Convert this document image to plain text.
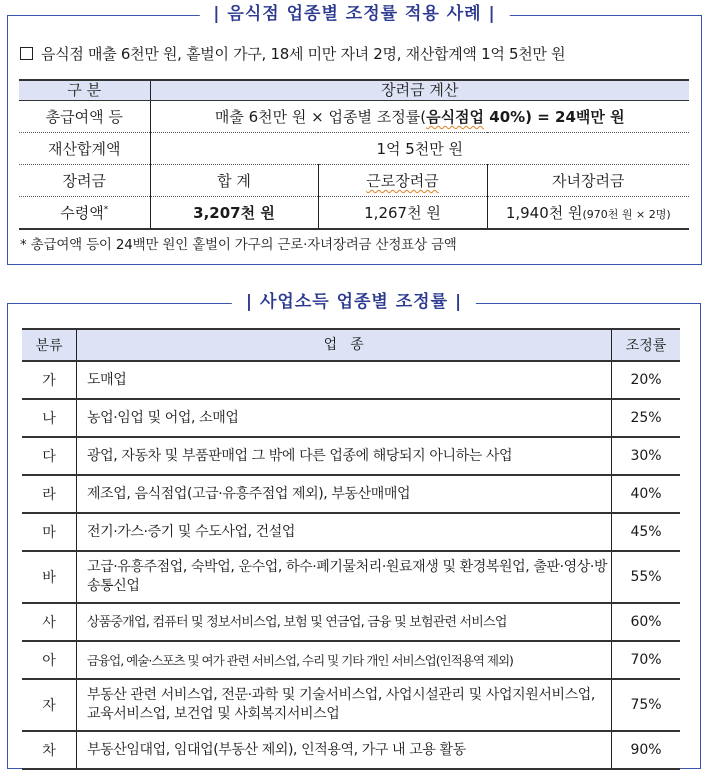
| 음식점 업종별 조정률 적용 사례 |
음식점 매출 6천만 원, 홑벌이 가구, 18세 미만 자녀 2명, 재산합계액 1억 5천만 원
구 분	장려금 계산		
총급여액 등	매출 6천만 원 × 업종별 조정률(음식점업 40%) = 24백만 원		
재산합계액	1억 5천만 원		
장려금	합 계	근로장려금	자녀장려금
수령액*	3,207천 원	1,267천 원	1,940천 원(970천 원 × 2명)
* 총급여액 등이 24백만 원인 홑벌이 가구의 근로·자녀장려금 산정표상 금액
| 사업소득 업종별 조정률 |
분류	업　종	조정률
가	도매업	20%
나	농업·임업 및 어업, 소매업	25%
다	광업, 자동차 및 부품판매업 그 밖에 다른 업종에 해당되지 아니하는 사업	30%
라	제조업, 음식점업(고급·유흥주점업 제외), 부동산매매업	40%
마	전기·가스·증기 및 수도사업, 건설업	45%
바	고급·유흥주점업, 숙박업, 운수업, 하수·폐기물처리·원료재생 및 환경복원업, 출판·영상·방송통신업	55%
사	상품중개업, 컴퓨터 및 정보서비스업, 보험 및 연금업, 금융 및 보험관련 서비스업	60%
아	금융업, 예술·스포츠 및 여가 관련 서비스업, 수리 및 기타 개인 서비스업(인적용역 제외)	70%
자	부동산 관련 서비스업, 전문·과학 및 기술서비스업, 사업시설관리 및 사업지원서비스업, 교육서비스업, 보건업 및 사회복지서비스업	75%
차	부동산임대업, 임대업(부동산 제외), 인적용역, 가구 내 고용 활동	90%
